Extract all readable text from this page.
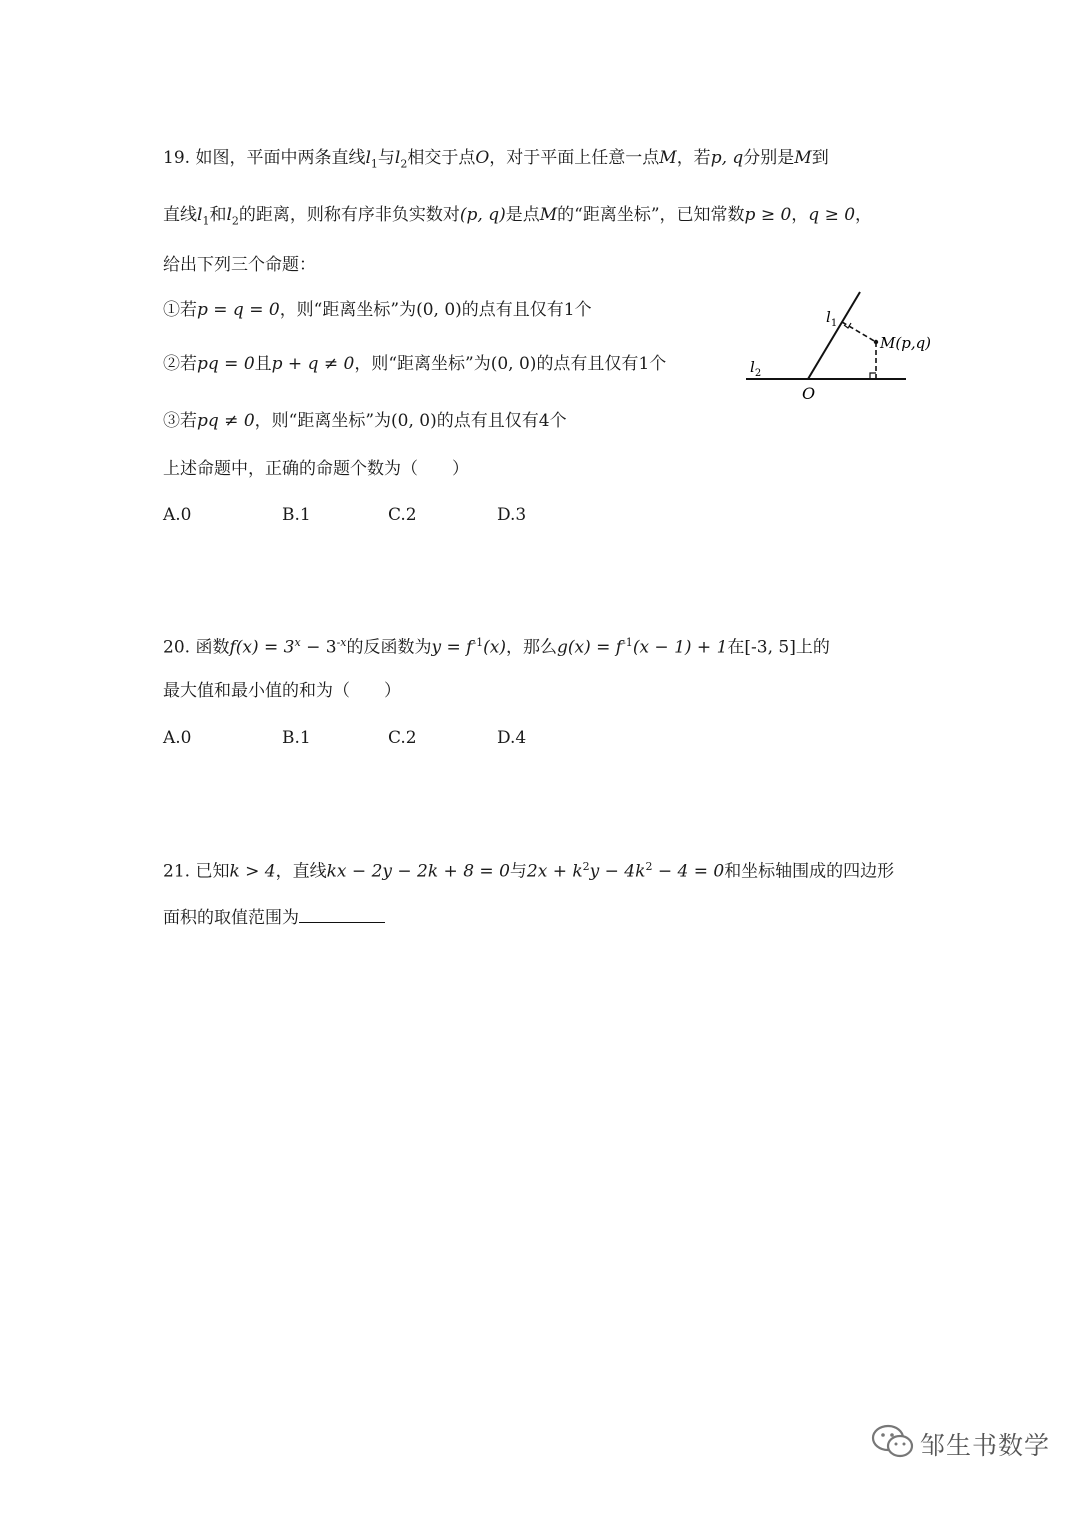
19. 如图，平面中两条直线$l_1$与$l_2$相交于点O，对于平面上任意一点M，若p, q分别是M到
直线$l_1$和$l_2$的距离，则称有序非负实数对(p, q)是点M的“距离坐标”，已知常数p ≥ 0，q ≥ 0，
给出下列三个命题：
①若p = q = 0，则“距离坐标”为(0, 0)的点有且仅有1个
②若pq = 0且p + q ≠ 0，则“距离坐标”为(0, 0)的点有且仅有1个
③若pq ≠ 0，则“距离坐标”为(0, 0)的点有且仅有4个
上述命题中，正确的命题个数为（　　）
A.0	B.1	C.2	D.3
$l_1$
$l_2$
O
M(p,q)
20. 函数$f(x) = 3^x - 3^{-x}$的反函数为$y = f^{-1}(x)$，那么$g(x) = f^{-1}(x - 1) + 1$在[-3, 5]上的
最大值和最小值的和为（　　）
A.0	B.1	C.2	D.4
21. 已知k > 4，直线kx − 2y − 2k + 8 = 0与$2x + k^2y - 4k^2 - 4 = 0$和坐标轴围成的四边形
面积的取值范围为
邹生书数学
